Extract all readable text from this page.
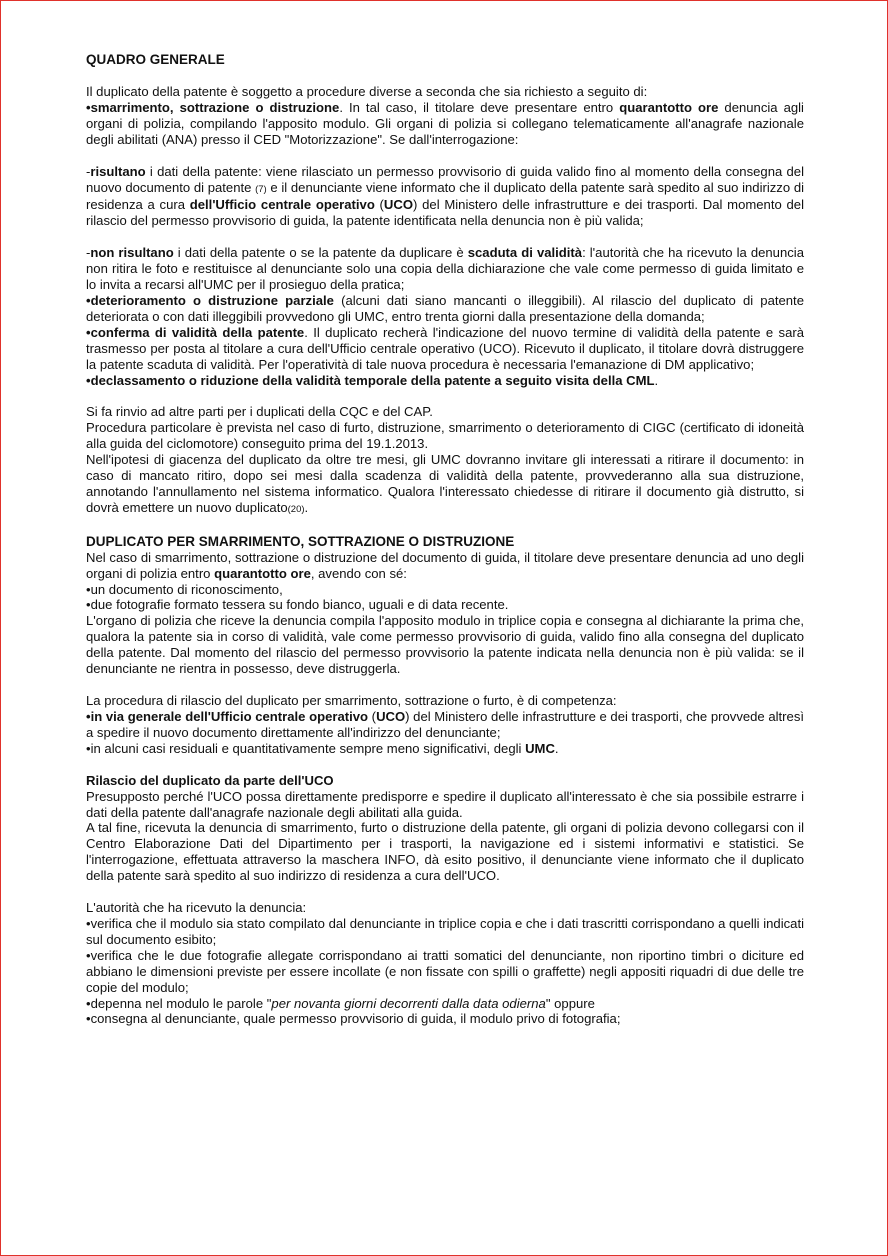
QUADRO GENERALE

Il duplicato della patente è soggetto a procedure diverse a seconda che sia richiesto a seguito di:
•smarrimento, sottrazione o distruzione. In tal caso, il titolare deve presentare entro quarantotto ore denuncia agli organi di polizia, compilando l'apposito modulo. Gli organi di polizia si collegano telematicamente all'anagrafe nazionale degli abilitati (ANA) presso il CED "Motorizzazione". Se dall'interrogazione:

-risultano i dati della patente: viene rilasciato un permesso provvisorio di guida valido fino al momento della consegna del nuovo documento di patente (7) e il denunciante viene informato che il duplicato della patente sarà spedito al suo indirizzo di residenza a cura dell'Ufficio centrale operativo (UCO) del Ministero delle infrastrutture e dei trasporti. Dal momento del rilascio del permesso provvisorio di guida, la patente identificata nella denuncia non è più valida;

-non risultano i dati della patente o se la patente da duplicare è scaduta di validità: l'autorità che ha ricevuto la denuncia non ritira le foto e restituisce al denunciante solo una copia della dichiarazione che vale come permesso di guida limitato e lo invita a recarsi all'UMC per il prosieguo della pratica;

•deterioramento o distruzione parziale (alcuni dati siano mancanti o illeggibili). Al rilascio del duplicato di patente deteriorata o con dati illeggibili provvedono gli UMC, entro trenta giorni dalla presentazione della domanda;

•conferma di validità della patente. Il duplicato recherà l'indicazione del nuovo termine di validità della patente e sarà trasmesso per posta al titolare a cura dell'Ufficio centrale operativo (UCO). Ricevuto il duplicato, il titolare dovrà distruggere la patente scaduta di validità. Per l'operatività di tale nuova procedura è necessaria l'emanazione di DM applicativo;

•declassamento o riduzione della validità temporale della patente a seguito visita della CML.

Si fa rinvio ad altre parti per i duplicati della CQC e del CAP.

Procedura particolare è prevista nel caso di furto, distruzione, smarrimento o deterioramento di CIGC (certificato di idoneità alla guida del ciclomotore) conseguito prima del 19.1.2013.

Nell'ipotesi di giacenza del duplicato da oltre tre mesi, gli UMC dovranno invitare gli interessati a ritirare il documento: in caso di mancato ritiro, dopo sei mesi dalla scadenza di validità della patente, provvederanno alla sua distruzione, annotando l'annullamento nel sistema informatico. Qualora l'interessato chiedesse di ritirare il documento già distrutto, si dovrà emettere un nuovo duplicato(20).

DUPLICATO PER SMARRIMENTO, SOTTRAZIONE O DISTRUZIONE

Nel caso di smarrimento, sottrazione o distruzione del documento di guida, il titolare deve presentare denuncia ad uno degli organi di polizia entro quarantotto ore, avendo con sé:

•un documento di riconoscimento,

•due fotografie formato tessera su fondo bianco, uguali e di data recente.

L'organo di polizia che riceve la denuncia compila l'apposito modulo in triplice copia e consegna al dichiarante la prima che, qualora la patente sia in corso di validità, vale come permesso provvisorio di guida, valido fino alla consegna del duplicato della patente. Dal momento del rilascio del permesso provvisorio la patente indicata nella denuncia non è più valida: se il denunciante ne rientra in possesso, deve distruggerla.

La procedura di rilascio del duplicato per smarrimento, sottrazione o furto, è di competenza:

•in via generale dell'Ufficio centrale operativo (UCO) del Ministero delle infrastrutture e dei trasporti, che provvede altresì a spedire il nuovo documento direttamente all'indirizzo del denunciante;

•in alcuni casi residuali e quantitativamente sempre meno significativi, degli UMC.

Rilascio del duplicato da parte dell'UCO

Presupposto perché l'UCO possa direttamente predisporre e spedire il duplicato all'interessato è che sia possibile estrarre i dati della patente dall'anagrafe nazionale degli abilitati alla guida.

A tal fine, ricevuta la denuncia di smarrimento, furto o distruzione della patente, gli organi di polizia devono collegarsi con il Centro Elaborazione Dati del Dipartimento per i trasporti, la navigazione ed i sistemi informativi e statistici. Se l'interrogazione, effettuata attraverso la maschera INFO, dà esito positivo, il denunciante viene informato che il duplicato della patente sarà spedito al suo indirizzo di residenza a cura dell'UCO.

L'autorità che ha ricevuto la denuncia:

•verifica che il modulo sia stato compilato dal denunciante in triplice copia e che i dati trascritti corrispondano a quelli indicati sul documento esibito;

•verifica che le due fotografie allegate corrispondano ai tratti somatici del denunciante, non riportino timbri o diciture ed abbiano le dimensioni previste per essere incollate (e non fissate con spilli o graffette) negli appositi riquadri di due delle tre copie del modulo;

•depenna nel modulo le parole "per novanta giorni decorrenti dalla data odierna" oppure

•consegna al denunciante, quale permesso provvisorio di guida, il modulo privo di fotografia;
